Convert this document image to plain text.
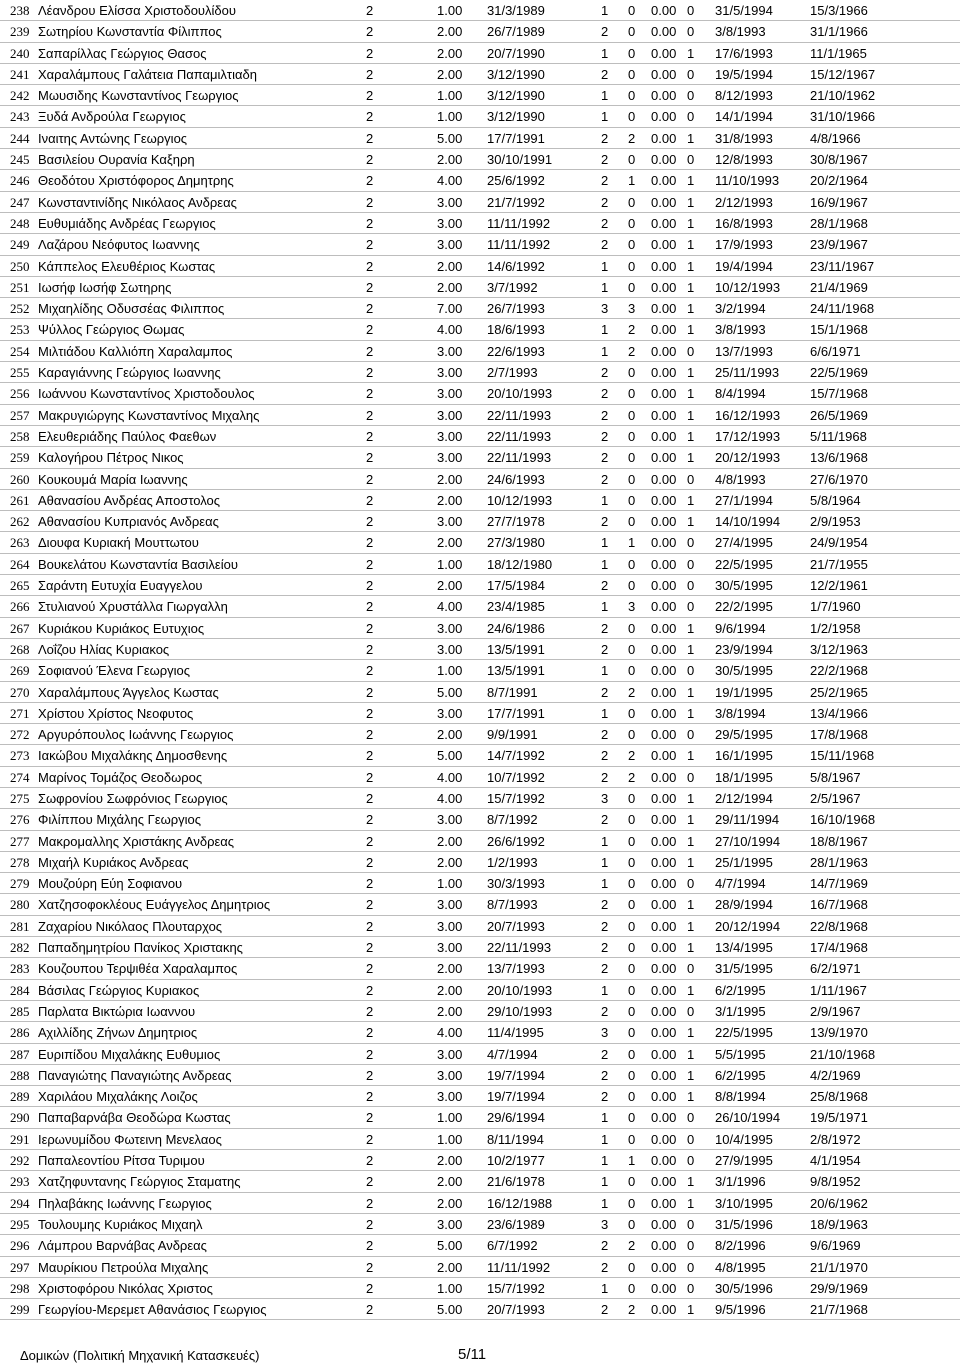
238 Λέανδρου Ελίσσα Χριστοδουλίδου	2	1.00 31/3/1989	1 0 0.00 0 31/5/1994	15/3/1966
239 Σωτηρίου Κωνσταντία Φίλιππος	2	2.00 26/7/1989	2 0 0.00 0 3/8/1993	31/1/1966
240 Σαπαρίλλας Γεώργιος Θασος	2	2.00 20/7/1990	1 0 0.00 1 17/6/1993	11/1/1965
241 Χαραλάμπους Γαλάτεια Παπαμιλτιαδη	2	2.00 3/12/1990	2 0 0.00 0 19/5/1994	15/12/1967
242 Μωυσιδης Κωνσταντίνος Γεωργιος	2	1.00 3/12/1990	1 0 0.00 0 8/12/1993	21/10/1962
243 Ξυδά Ανδρούλα Γεωργιος	2	1.00 3/12/1990	1 0 0.00 0 14/1/1994	31/10/1966
244 Ιναιτης Αντώνης Γεωργιος	2	5.00 17/7/1991	2 2 0.00 1 31/8/1993	4/8/1966
245 Βασιλείου Ουρανία Καξηρη	2	2.00 30/10/1991	2 0 0.00 0 12/8/1993	30/8/1967
246 Θεοδότου Χριστόφορος Δημητρης	2	4.00 25/6/1992	2 1 0.00 1 11/10/1993 20/2/1964
247 Κωνσταντινίδης Νικόλαος Ανδρεας	2	3.00 21/7/1992	2 0 0.00 1 2/12/1993	16/9/1967
248 Ευθυμιάδης Ανδρέας Γεωργιος	2	3.00 11/11/1992	2 0 0.00 1 16/8/1993	28/1/1968
249 Λαζάρου Νεόφυτος Ιωαννης	2	3.00 11/11/1992	2 0 0.00 1 17/9/1993	23/9/1967
250 Κάππελος Ελευθέριος Κωστας	2	2.00 14/6/1992	1 0 0.00 1 19/4/1994	23/11/1967
251 Ιωσήφ Ιωσήφ Σωτηρης	2	2.00 3/7/1992	1 0 0.00 1 10/12/1993 21/4/1969
252 Μιχαηλίδης Οδυσσέας Φιλιππος	2	7.00 26/7/1993	3 3 0.00 1 3/2/1994	24/11/1968
253 Ψύλλος Γεώργιος Θωμας	2	4.00 18/6/1993	1 2 0.00 1 3/8/1993	15/1/1968
254 Μιλτιάδου Καλλιόπη Χαραλαμπος	2	3.00 22/6/1993	1 2 0.00 0 13/7/1993	6/6/1971
255 Καραγιάννης Γεώργιος Ιωαννης	2	3.00 2/7/1993	2 0 0.00 1 25/11/1993 22/5/1969
256 Ιωάννου Κωνσταντίνος Χριστοδουλος	2	3.00 20/10/1993	2 0 0.00 1 8/4/1994	15/7/1968
257 Μακρυγιώργης Κωνσταντίνος Μιχαλης	2	3.00 22/11/1993	2 0 0.00 1 16/12/1993 26/5/1969
258 Ελευθεριάδης Παύλος Φαεθων	2	3.00 22/11/1993	2 0 0.00 1 17/12/1993 5/11/1968
259 Καλογήρου Πέτρος Νικος	2	3.00 22/11/1993	2 0 0.00 1 20/12/1993 13/6/1968
260 Κουκουμά Μαρία Ιωαννης	2	2.00 24/6/1993	2 0 0.00 0 4/8/1993	27/6/1970
261 Αθανασίου Ανδρέας Αποστολος	2	2.00 10/12/1993	1 0 0.00 1 27/1/1994	5/8/1964
262 Αθανασίου Κυπριανός Ανδρεας	2	3.00 27/7/1978	2 0 0.00 1 14/10/1994 2/9/1953
263 Διουφα Κυριακή Μουττωτου	2	2.00 27/3/1980	1 1 0.00 0 27/4/1995	24/9/1954
264 Βουκελάτου Κωνσταντία Βασιλείου	2	1.00 18/12/1980	1 0 0.00 0 22/5/1995	21/7/1955
265 Σαράντη Ευτυχία Ευαγγελου	2	2.00 17/5/1984	2 0 0.00 0 30/5/1995	12/2/1961
266 Στυλιανού Χρυστάλλα Γιωργαλλη	2	4.00 23/4/1985	1 3 0.00 0 22/2/1995	1/7/1960
267 Κυριάκου Κυριάκος Ευτυχιος	2	3.00 24/6/1986	2 0 0.00 1 9/6/1994	1/2/1958
268 Λοΐζου Ηλίας Κυριακος	2	3.00 13/5/1991	2 0 0.00 1 23/9/1994	3/12/1963
269 Σοφιανού Έλενα Γεωργιος	2	1.00 13/5/1991	1 0 0.00 0 30/5/1995	22/2/1968
270 Χαραλάμπους Άγγελος Κωστας	2	5.00 8/7/1991	2 2 0.00 1 19/1/1995	25/2/1965
271 Χρίστου Χρίστος Νεοφυτος	2	3.00 17/7/1991	1 0 0.00 1 3/8/1994	13/4/1966
272 Αργυρόπουλος Ιωάννης Γεωργιος	2	2.00 9/9/1991	2 0 0.00 0 29/5/1995	17/8/1968
273 Ιακώβου Μιχαλάκης Δημοσθενης	2	5.00 14/7/1992	2 2 0.00 1 16/1/1995	15/11/1968
274 Μαρίνος Τομάζος Θεοδωρος	2	4.00 10/7/1992	2 2 0.00 0 18/1/1995	5/8/1967
275 Σωφρονίου Σωφρόνιος Γεωργιος	2	4.00 15/7/1992	3 0 0.00 1 2/12/1994	2/5/1967
276 Φιλίππου Μιχάλης Γεωργιος	2	3.00 8/7/1992	2 0 0.00 1 29/11/1994 16/10/1968
277 Μακρομαλλης Χριστάκης Ανδρεας	2	2.00 26/6/1992	1 0 0.00 1 27/10/1994 18/8/1967
278 Μιχαήλ Κυριάκος Ανδρεας	2	2.00 1/2/1993	1 0 0.00 1 25/1/1995	28/1/1963
279 Μουζούρη Εύη Σοφιανου	2	1.00 30/3/1993	1 0 0.00 0 4/7/1994	14/7/1969
280 Χατζησοφοκλέους Ευάγγελος Δημητριος	2	3.00 8/7/1993	2 0 0.00 1 28/9/1994	16/7/1968
281 Ζαχαρίου Νικόλαος Πλουταρχος	2	3.00 20/7/1993	2 0 0.00 1 20/12/1994 22/8/1968
282 Παπαδημητρίου Πανίκος Χριστακης	2	3.00 22/11/1993	2 0 0.00 1 13/4/1995	17/4/1968
283 Κουζουπου Τερψιθέα Χαραλαμπος	2	2.00 13/7/1993	2 0 0.00 0 31/5/1995	6/2/1971
284 Βάσιλας Γεώργιος Κυριακος	2	2.00 20/10/1993	1 0 0.00 1 6/2/1995	1/11/1967
285 Παρλατα Βικτώρια Ιωαννου	2	2.00 29/10/1993	2 0 0.00 0 3/1/1995	2/9/1967
286 Αχιλλίδης Ζήνων Δημητριος	2	4.00 11/4/1995	3 0 0.00 1 22/5/1995	13/9/1970
287 Ευριπίδου Μιχαλάκης Ευθυμιος	2	3.00 4/7/1994	2 0 0.00 1 5/5/1995	21/10/1968
288 Παναγιώτης Παναγιώτης Ανδρεας	2	3.00 19/7/1994	2 0 0.00 1 6/2/1995	4/2/1969
289 Χαριλάου Μιχαλάκης Λοιζος	2	3.00 19/7/1994	2 0 0.00 1 8/8/1994	25/8/1968
290 Παπαβαρνάβα Θεοδώρα Κωστας	2	1.00 29/6/1994	1 0 0.00 0 26/10/1994 19/5/1971
291 Ιερωνυμίδου Φωτεινη Μενελαος	2	1.00 8/11/1994	1 0 0.00 0 10/4/1995	2/8/1972
292 Παπαλεοντίου Ρίτσα Τυριμου	2	2.00 10/2/1977	1 1 0.00 0 27/9/1995	4/1/1954
293 Χατζηφυντανης Γεώργιος Σταματης	2	2.00 21/6/1978	1 0 0.00 1 3/1/1996	9/8/1952
294 Πηλαβάκης Ιωάννης Γεωργιος	2	2.00 16/12/1988	1 0 0.00 1 3/10/1995	20/6/1962
295 Τουλουμης Κυριάκος Μιχαηλ	2	3.00 23/6/1989	3 0 0.00 0 31/5/1996	18/9/1963
296 Λάμπρου Βαρνάβας Ανδρεας	2	5.00 6/7/1992	2 2 0.00 0 8/2/1996	9/6/1969
297 Μαυρίκιου Πετρούλα Μιχαλης	2	2.00 11/11/1992	2 0 0.00 0 4/8/1995	21/1/1970
298 Χριστοφόρου Νικόλας Χριστος	2	1.00 15/7/1992	1 0 0.00 0 30/5/1996	29/9/1969
299 Γεωργίου-Μερεμετ Αθανάσιος Γεωργιος	2	5.00 20/7/1993	2 2 0.00 1 9/5/1996	21/7/1968
Δομικών (Πολιτική Μηχανική Κατασκευές)	5/11
